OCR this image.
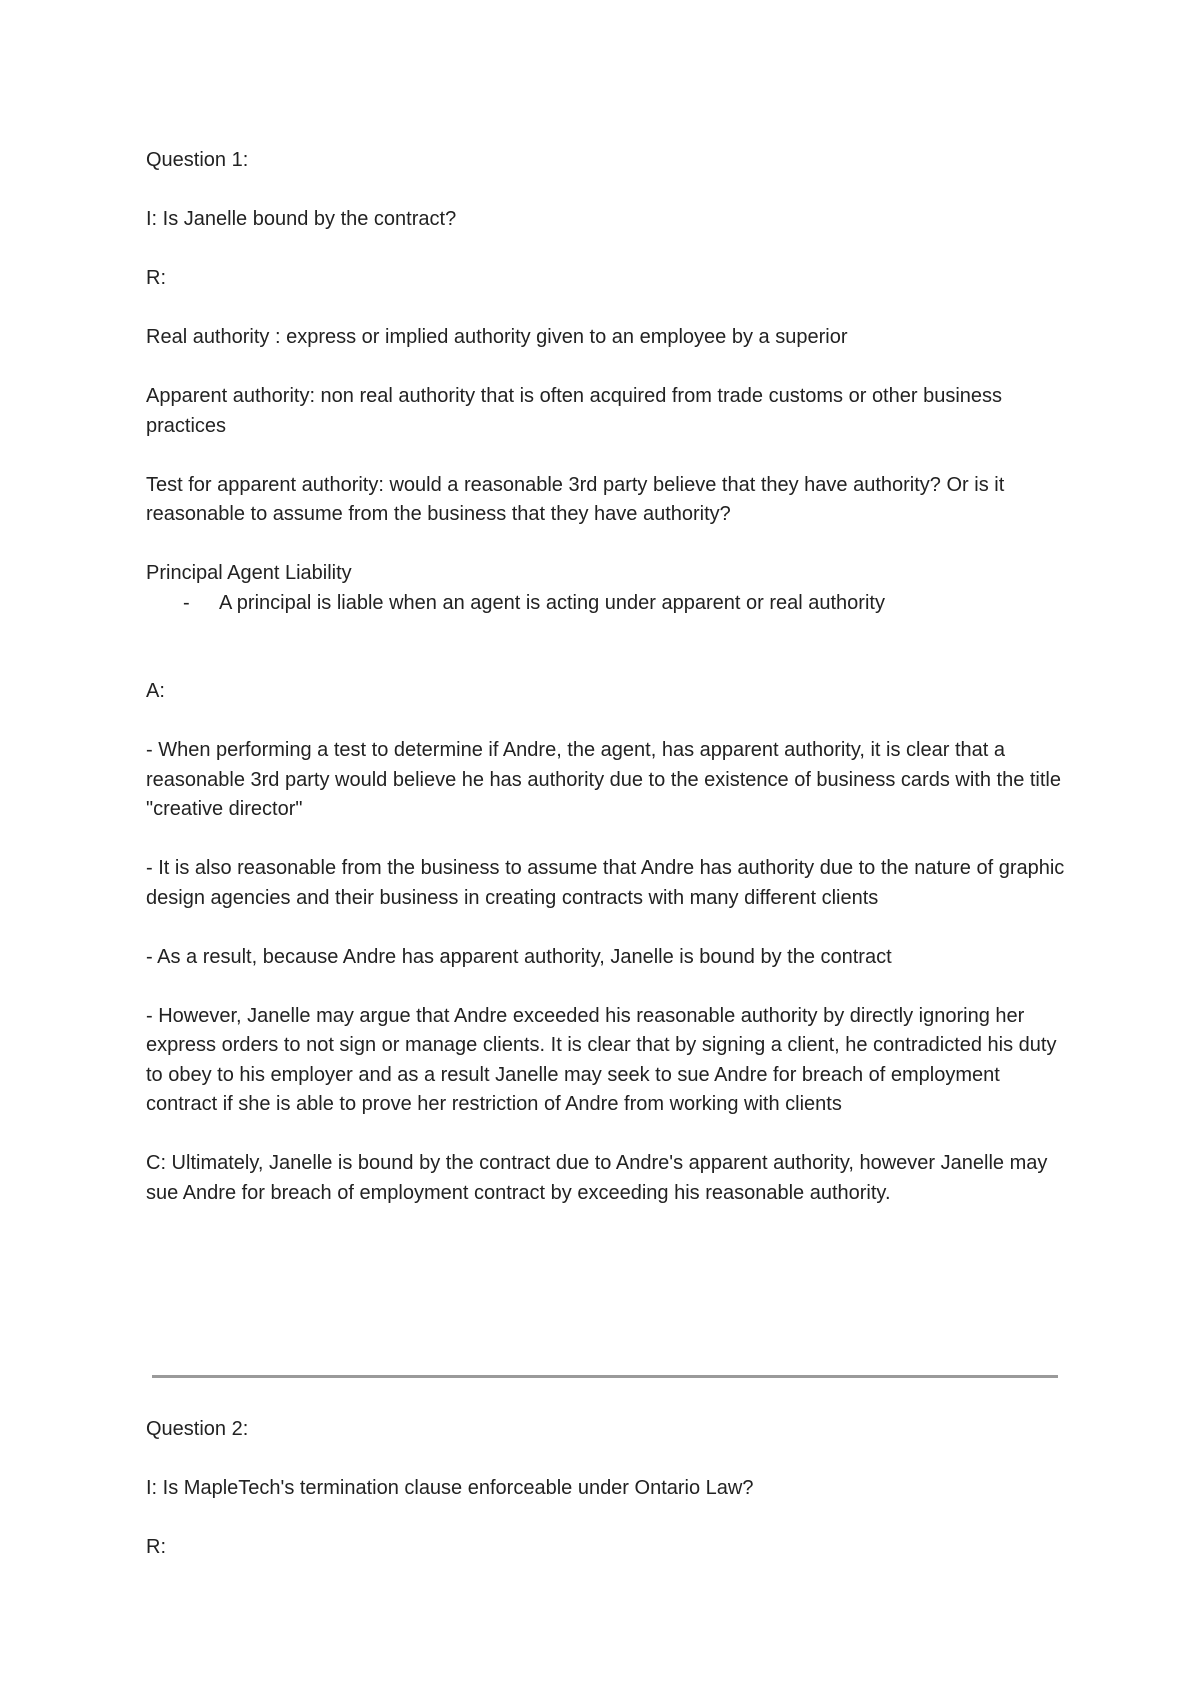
Question 1:

I: Is Janelle bound by the contract?

R:

Real authority : express or implied authority given to an employee by a superior

Apparent authority: non real authority that is often acquired from trade customs or other business practices

Test for apparent authority: would a reasonable 3rd party believe that they have authority? Or is it reasonable to assume from the business that they have authority?

Principal Agent Liability
- A principal is liable when an agent is acting under apparent or real authority

A:

- When performing a test to determine if Andre, the agent, has apparent authority, it is clear that a reasonable 3rd party would believe he has authority due to the existence of business cards with the title "creative director"

- It is also reasonable from the business to assume that Andre has authority due to the nature of graphic design agencies and their business in creating contracts with many different clients

- As a result, because Andre has apparent authority, Janelle is bound by the contract

- However, Janelle may argue that Andre exceeded his reasonable authority by directly ignoring her express orders to not sign or manage clients. It is clear that by signing a client, he contradicted his duty to obey to his employer and as a result Janelle may seek to sue Andre for breach of employment contract if she is able to prove her restriction of Andre from working with clients

C: Ultimately, Janelle is bound by the contract due to Andre's apparent authority, however Janelle may sue Andre for breach of employment contract by exceeding his reasonable authority.

Question 2:

I: Is MapleTech's termination clause enforceable under Ontario Law?

R:
